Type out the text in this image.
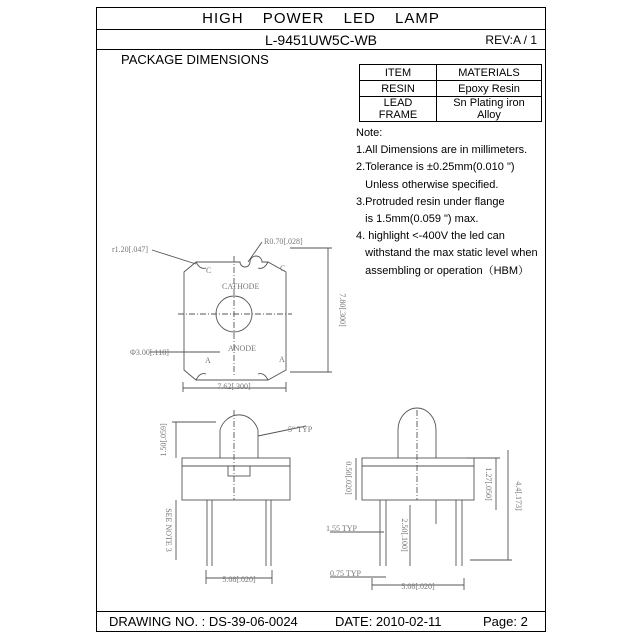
HIGH POWER LED LAMP
L-9451UW5C-WB	REV:A / 1
PACKAGE DIMENSIONS
ITEM	MATERIALS
RESIN	Epoxy Resin
LEAD FRAME	Sn Plating iron Alloy
Note:
1.All Dimensions are in millimeters.
2.Tolerance is ±0.25mm(0.010 ")
Unless otherwise specified.
3.Protruded resin under flange
is 1.5mm(0.059 ") max.
4. highlight <-400V the led can
withstand the max static level when
assembling or operation（HBM）
DRAWING NO. : DS-39-06-0024	DATE: 2010-02-11	Page: 2
r1.20[.047]
R0.70[.028]
C	C
CATHODE
ANODE
A	A
Φ3.00[.118]
7.80[.300]
7.62[.300]
1.50[.059]	5° TYP
SEE NOTE 3
5.08[.020]
0.50[.020]	1.27[.050]	4.4[.173]
2.50[.100]
1.55 TYP
0.75 TYP
5.08[.020]
